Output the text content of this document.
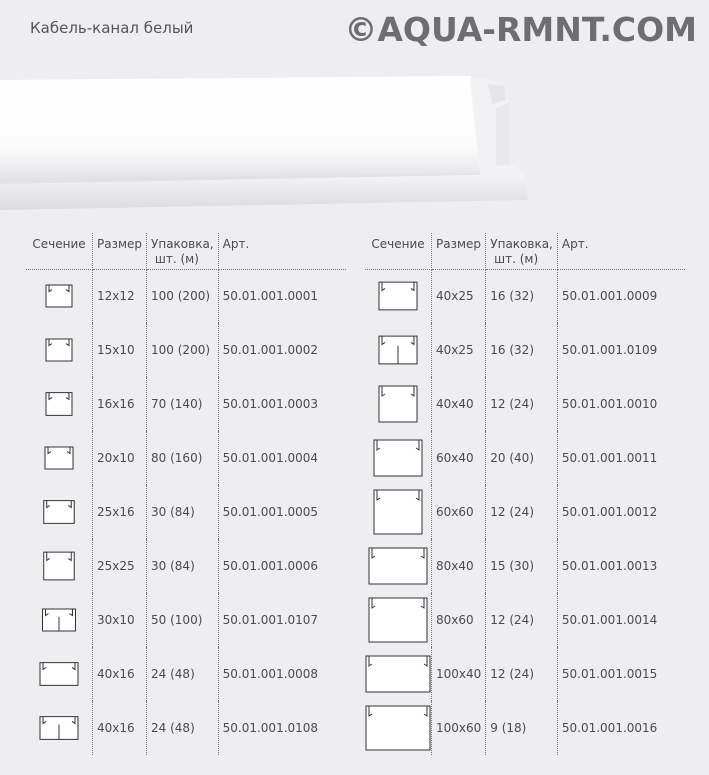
Кабель-канал белый	©AQUA-RMNT.COM
Сечение	Размер	Упаковка,
шт. (м)	Арт.

	12x12	100 (200)	50.01.001.0001

	15x10	100 (200)	50.01.001.0002

	16x16	70 (140)	50.01.001.0003

	20x10	80 (160)	50.01.001.0004

	25x16	30 (84)	50.01.001.0005

	25x25	30 (84)	50.01.001.0006

	30x10	50 (100)	50.01.001.0107

	40x16	24 (48)	50.01.001.0008

	40x16	24 (48)	50.01.001.0108
Сечение	Размер	Упаковка,
шт. (м)	Арт.

	40x25	16 (32)	50.01.001.0009

	40x25	16 (32)	50.01.001.0109

	40x40	12 (24)	50.01.001.0010

	60x40	20 (40)	50.01.001.0011

	60x60	12 (24)	50.01.001.0012

	80x40	15 (30)	50.01.001.0013

	80x60	12 (24)	50.01.001.0014

	100x40	12 (24)	50.01.001.0015

	100x60	9 (18)	50.01.001.0016
